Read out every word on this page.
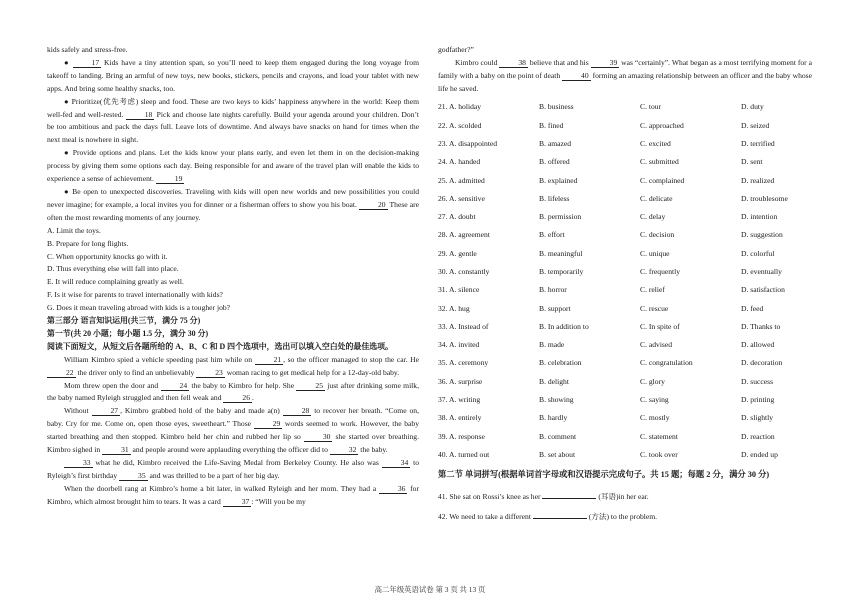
kids safely and stress-free.

●	17 Kids have a tiny attention span, so you’ll need to keep them engaged during the long voyage from takeoff to landing. Bring an armful of new toys, new books, stickers, pencils and crayons, and load your tablet with new apps. And bring some healthy snacks, too.

● Prioritize(优先考虑) sleep and food. These are two keys to kids’ happiness anywhere in the world: Keep them well-fed and well-rested.	18 Pick and choose late nights carefully. Build your agenda around your children. Don’t be too ambitious and pack the days full. Leave lots of downtime. And always have snacks on hand for times when the next meal is nowhere in sight.

● Provide options and plans. Let the kids know your plans early, and even let them in on the decision-making process by giving them some options each day. Being responsible for and aware of the travel plan will enable the kids to experience a sense of achievement.	19

● Be open to unexpected discoveries. Traveling with kids will open new worlds and new possibilities you could never imagine; for example, a local invites you for dinner or a fisherman offers to show you his boat.	20 These are often the most rewarding moments of any journey.

A. Limit the toys.

B. Prepare for long flights.

C. When opportunity knocks go with it.

D. Thus everything else will fall into place.

E. It will reduce complaining greatly as well.

F. Is it wise for parents to travel internationally with kids?

G. Does it mean traveling abroad with kids is a tougher job?

第三部分 语言知识运用(共三节，满分 75 分)

第一节(共 20 小题；每小题 1.5 分，满分 30 分)

阅读下面短文，从短文后各题所给的 A、B、C 和 D 四个选项中，选出可以填入空白处的最佳选项。

William Kimbro spied a vehicle speeding past him while on	21 , so the officer managed to stop the car. He 22 the driver only to find an unbelievably	23 woman racing to get medical help for a 12-day-old baby.

Mom threw open the door and	24 the baby to Kimbro for help. She	25 just after drinking some milk, the baby named Ryleigh struggled and then fell weak and	26 .

Without	27 , Kimbro grabbed hold of the baby and made a(n)	28 to recover her breath. “Come on, baby. Cry for me. Come on, open those eyes, sweetheart.” Those	29 words seemed to work. However, the baby started breathing and then stopped. Kimbro held her chin and rubbed her lip so	30 she started over breathing. Kimbro sighed in	31 and people around were applauding everything the officer did to	32 the baby.

33 what he did, Kimbro received the Life-Saving Medal from Berkeley County. He also was	34 to Ryleigh’s first birthday	35 and was thrilled to be a part of her big day.

When the doorbell rang at Kimbro’s home a bit later, in walked Ryleigh and her mom. They had a	36 for Kimbro, which almost brought him to tears. It was a card	37 : “Will you be my

godfather?”

Kimbro could	38 believe that and his	39 was “certainly”. What began as a most terrifying moment for a family with a baby on the point of death	40 forming an amazing relationship between an officer and the baby whose life he saved.

21. A. holiday	B. business	C. tour	D. duty
22. A. scolded	B. fined	C. approached	D. seized
23. A. disappointed	B. amazed	C. excited	D. terrified
24. A. handed	B. offered	C. submitted	D. sent
25. A. admitted	B. explained	C. complained	D. realized
26. A. sensitive	B. lifeless	C. delicate	D. troublesome
27. A. doubt	B. permission	C. delay	D. intention
28. A. agreement	B. effort	C. decision	D. suggestion
29. A. gentle	B. meaningful	C. unique	D. colorful
30. A. constantly	B. temporarily	C. frequently	D. eventually
31. A. silence	B. horror	C. relief	D. satisfaction
32. A. hug	B. support	C. rescue	D. feed
33. A. Instead of	B. In addition to	C. In spite of	D. Thanks to
34. A. invited	B. made	C. advised	D. allowed
35. A. ceremony	B. celebration	C. congratulation	D. decoration
36. A. surprise	B. delight	C. glory	D. success
37. A. writing	B. showing	C. saying	D. printing
38. A. entirely	B. hardly	C. mostly	D. slightly
39. A. response	B. comment	C. statement	D. reaction
40. A. turned out	B. set about	C. took over	D. ended up

第二节 单词拼写(根据单词首字母或和汉语提示完成句子。共 15 题；每题 2 分，满分 30 分)

41. She sat on Rossi’s knee as her	(耳语)in her ear.

42. We need to take a different	(方法) to the problem.

高二年级英语试卷 第 3 页 共 13 页
